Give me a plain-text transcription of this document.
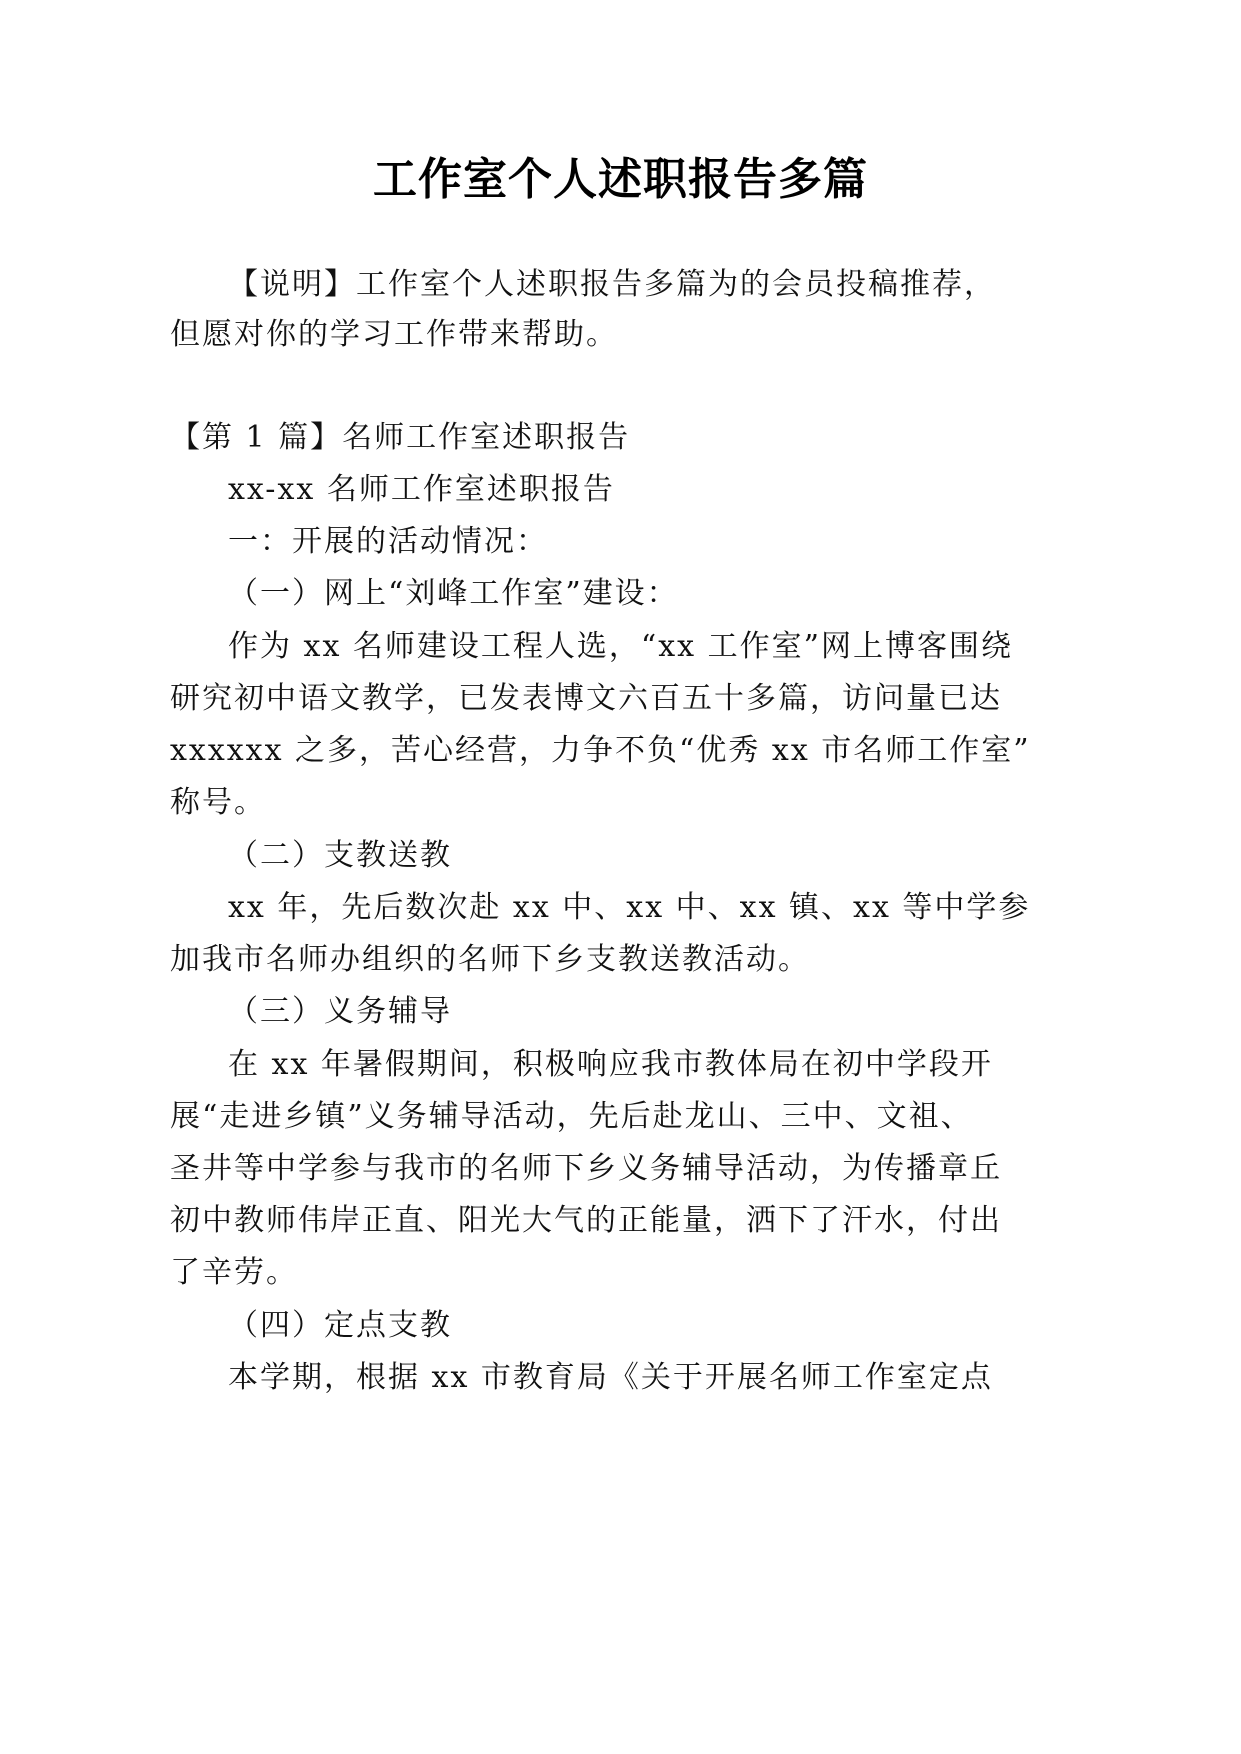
工作室个人述职报告多篇

【说明】工作室个人述职报告多篇为的会员投稿推荐，

但愿对你的学习工作带来帮助。

【第 1 篇】名师工作室述职报告

xx-xx 名师工作室述职报告

一：开展的活动情况：

（一）网上“刘峰工作室”建设：

作为 xx 名师建设工程人选，“xx 工作室”网上博客围绕

研究初中语文教学，已发表博文六百五十多篇，访问量已达

xxxxxx 之多，苦心经营，力争不负“优秀 xx 市名师工作室”

称号。

（二）支教送教

xx 年，先后数次赴 xx 中、xx 中、xx 镇、xx 等中学参

加我市名师办组织的名师下乡支教送教活动。

（三）义务辅导

在 xx 年暑假期间，积极响应我市教体局在初中学段开

展“走进乡镇”义务辅导活动，先后赴龙山、三中、文祖、

圣井等中学参与我市的名师下乡义务辅导活动，为传播章丘

初中教师伟岸正直、阳光大气的正能量，洒下了汗水，付出

了辛劳。

（四）定点支教

本学期，根据 xx 市教育局《关于开展名师工作室定点
